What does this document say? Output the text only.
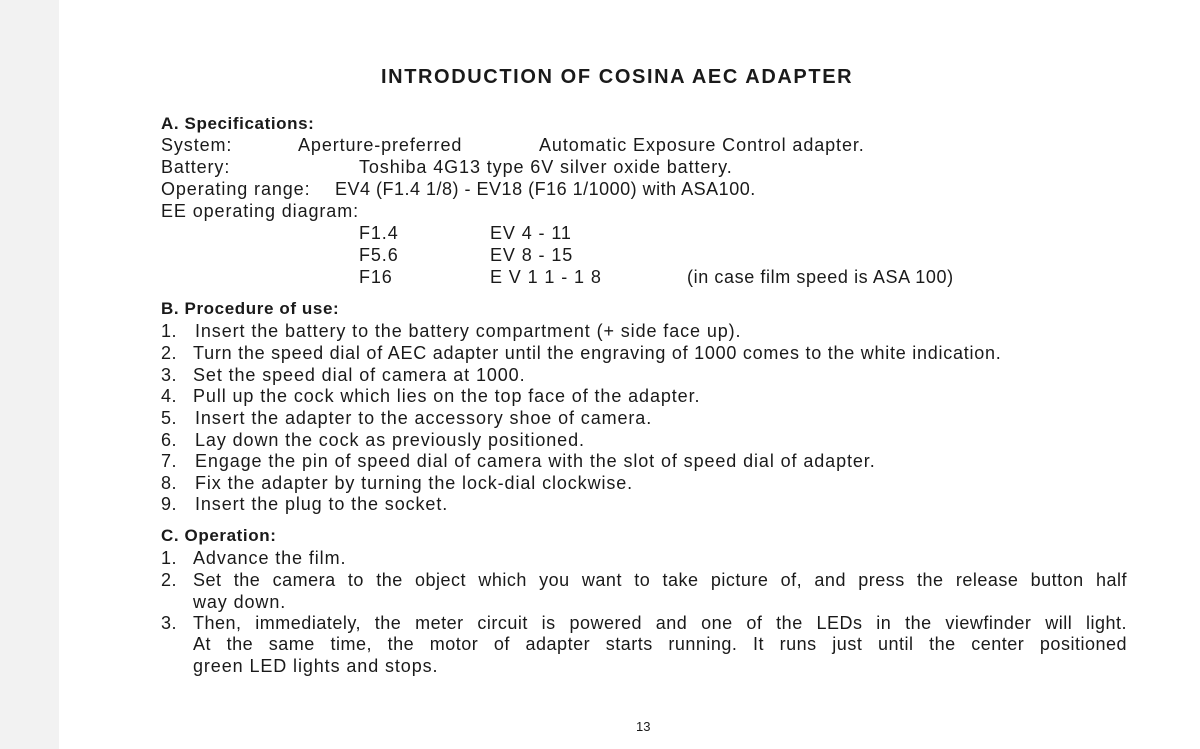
INTRODUCTION OF COSINA AEC ADAPTER
A. Specifications:
System:	Aperture-preferred	Automatic Exposure Control adapter.
Battery:	Toshiba 4G13 type 6V silver oxide battery.
Operating range: EV4 (F1.4 1/8) - EV18 (F16 1/1000) with ASA100.
EE operating diagram:
F1.4	EV 4 - 11
F5.6	EV 8 - 15
F16	E V 1 1 - 1 8	(in case film speed is ASA 100)
B. Procedure of use:
1. Insert the battery to the battery compartment (+ side face up).
2. Turn the speed dial of AEC adapter until the engraving of 1000 comes to the white indication.
3. Set the speed dial of camera at 1000.
4. Pull up the cock which lies on the top face of the adapter.
5. Insert the adapter to the accessory shoe of camera.
6. Lay down the cock as previously positioned.
7. Engage the pin of speed dial of camera with the slot of speed dial of adapter.
8. Fix the adapter by turning the lock-dial clockwise.
9. Insert the plug to the socket.
C. Operation:
1. Advance the film.
2. Set the camera to the object which you want to take picture of, and press the release button half
way down.
3. Then, immediately, the meter circuit is powered and one of the LEDs in the viewfinder will light.
At the same time, the motor of adapter starts running. It runs just until the center positioned
green LED lights and stops.
13
